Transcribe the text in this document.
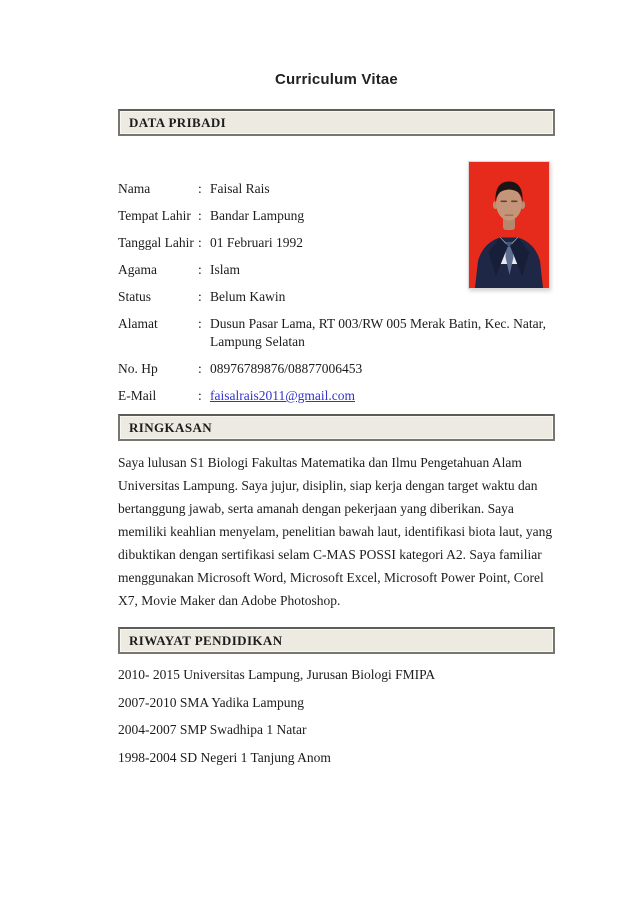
Curriculum Vitae
DATA PRIBADI
Nama	: Faisal Rais
Tempat Lahir : Bandar Lampung
Tanggal Lahir : 01 Februari 1992
Agama	: Islam
Status	: Belum Kawin
Alamat	: Dusun Pasar Lama, RT 003/RW 005 Merak Batin, Kec. Natar, Lampung Selatan
No. Hp	: 08976789876/08877006453
E-Mail	: faisalrais2011@gmail.com
RINGKASAN

Saya lulusan S1 Biologi Fakultas Matematika dan Ilmu Pengetahuan Alam Universitas Lampung. Saya jujur, disiplin, siap kerja dengan target waktu dan bertanggung jawab, serta amanah dengan pekerjaan yang diberikan. Saya memiliki keahlian menyelam, penelitian bawah laut, identifikasi biota laut, yang dibuktikan dengan sertifikasi selam C-MAS POSSI kategori A2. Saya familiar menggunakan Microsoft Word, Microsoft Excel, Microsoft Power Point, Corel X7, Movie Maker dan Adobe Photoshop.

RIWAYAT PENDIDIKAN
2010- 2015 Universitas Lampung, Jurusan Biologi FMIPA
2007-2010 SMA Yadika Lampung
2004-2007 SMP Swadhipa 1 Natar
1998-2004 SD Negeri 1 Tanjung Anom
